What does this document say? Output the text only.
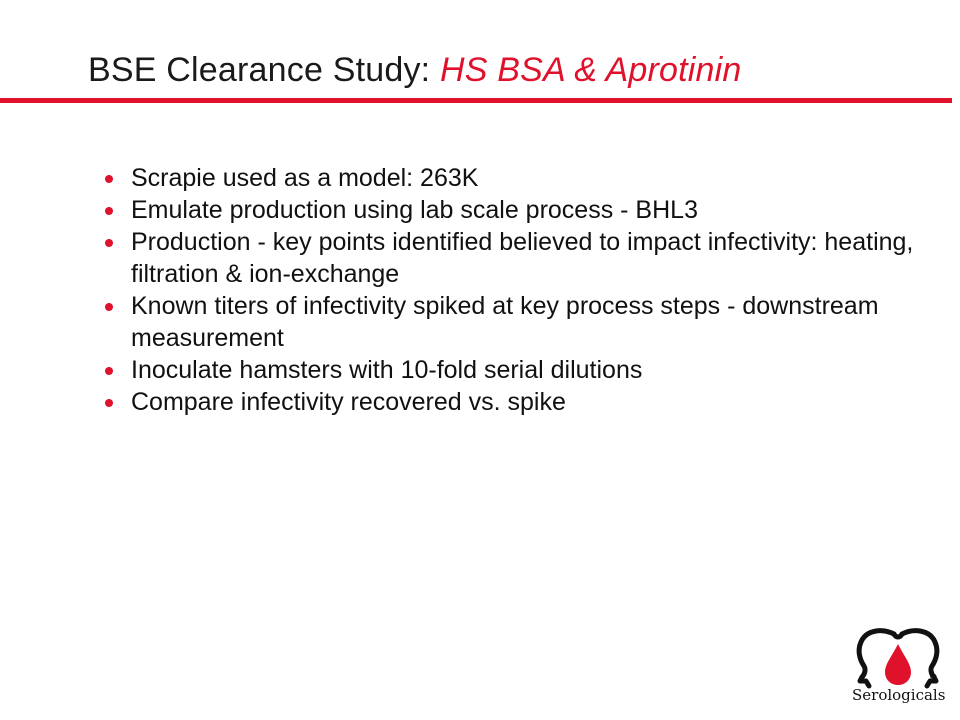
BSE Clearance Study: HS BSA & Aprotinin
Scrapie used as a model: 263K
Emulate production using lab scale process - BHL3
Production - key points identified believed to impact infectivity: heating, filtration & ion-exchange
Known titers of infectivity spiked at key process steps - downstream measurement
Inoculate hamsters with 10-fold serial dilutions
Compare infectivity recovered vs. spike
®
Serologicals
